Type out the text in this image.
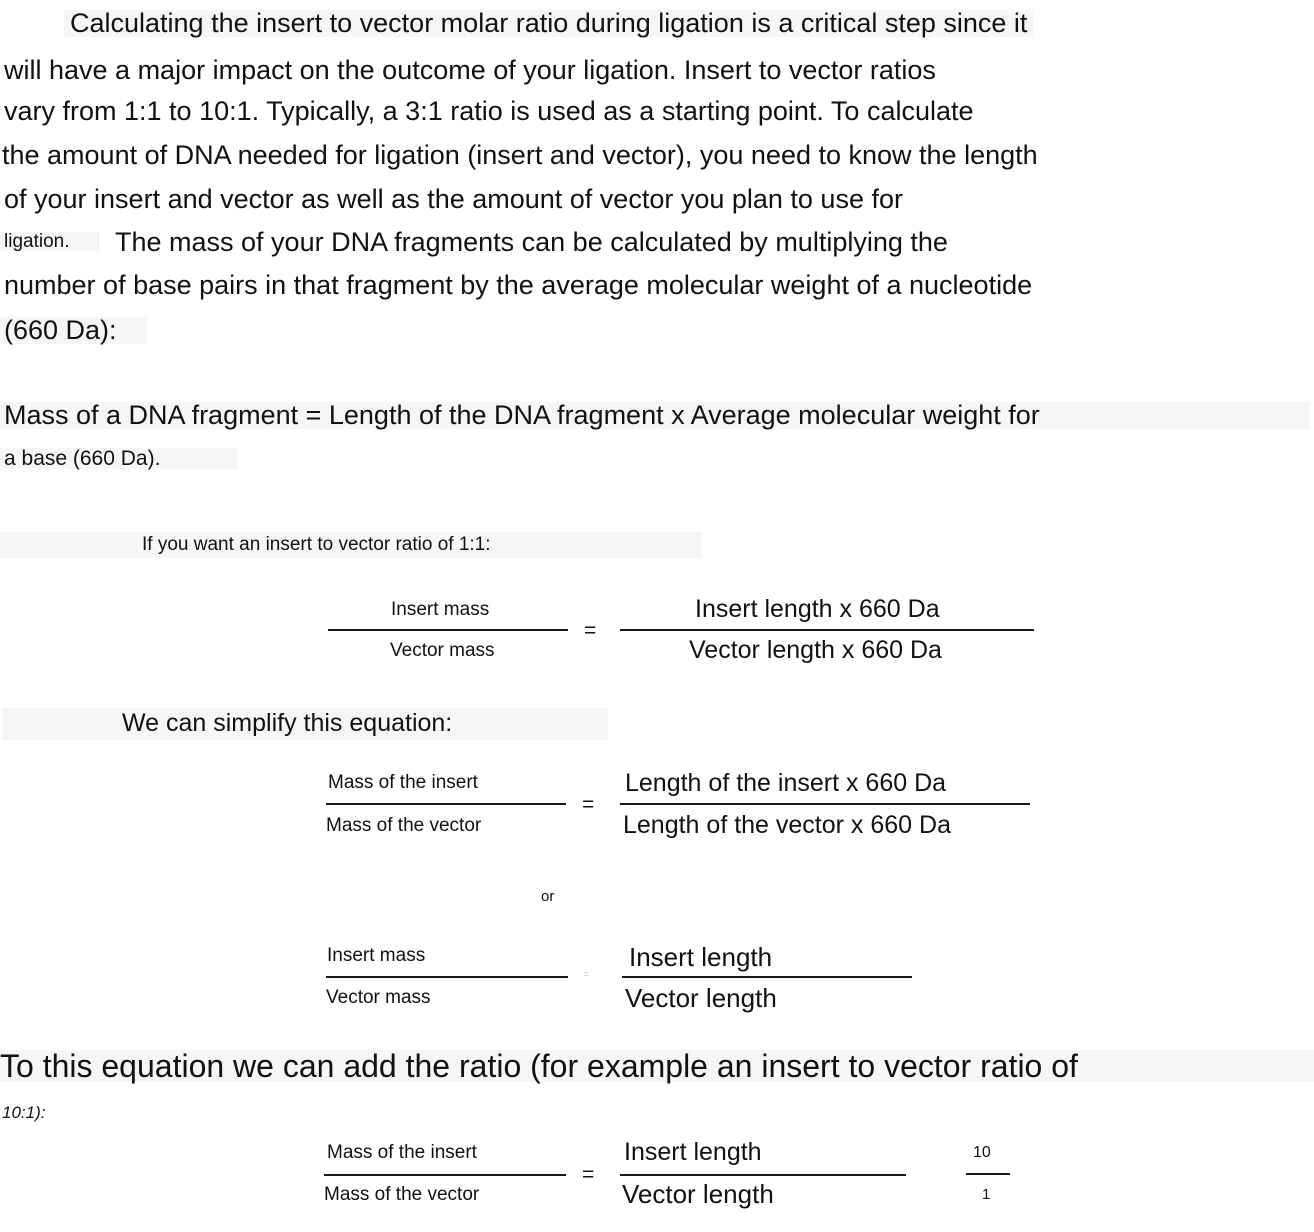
Calculating the insert to vector molar ratio during ligation is a critical step since it
will have a major impact on the outcome of your ligation. Insert to vector ratios
vary from 1:1 to 10:1. Typically, a 3:1 ratio is used as a starting point. To calculate
the amount of DNA needed for ligation (insert and vector), you need to know the length
of your insert and vector as well as the amount of vector you plan to use for
ligation.	The mass of your DNA fragments can be calculated by multiplying the
number of base pairs in that fragment by the average molecular weight of a nucleotide
(660 Da):
Mass of a DNA fragment = Length of the DNA fragment x Average molecular weight for
a base (660 Da).
If you want an insert to vector ratio of 1:1:
Insert mass
Vector mass
=
Insert length x 660 Da
Vector length x 660 Da
We can simplify this equation:
Mass of the insert
Mass of the vector
=
Length of the insert x 660 Da
Length of the vector x 660 Da
or
Insert mass
Vector mass
=
Insert length
Vector length
To this equation we can add the ratio (for example an insert to vector ratio of
10:1):
Mass of the insert
Mass of the vector
=
Insert length
Vector length
10
1
